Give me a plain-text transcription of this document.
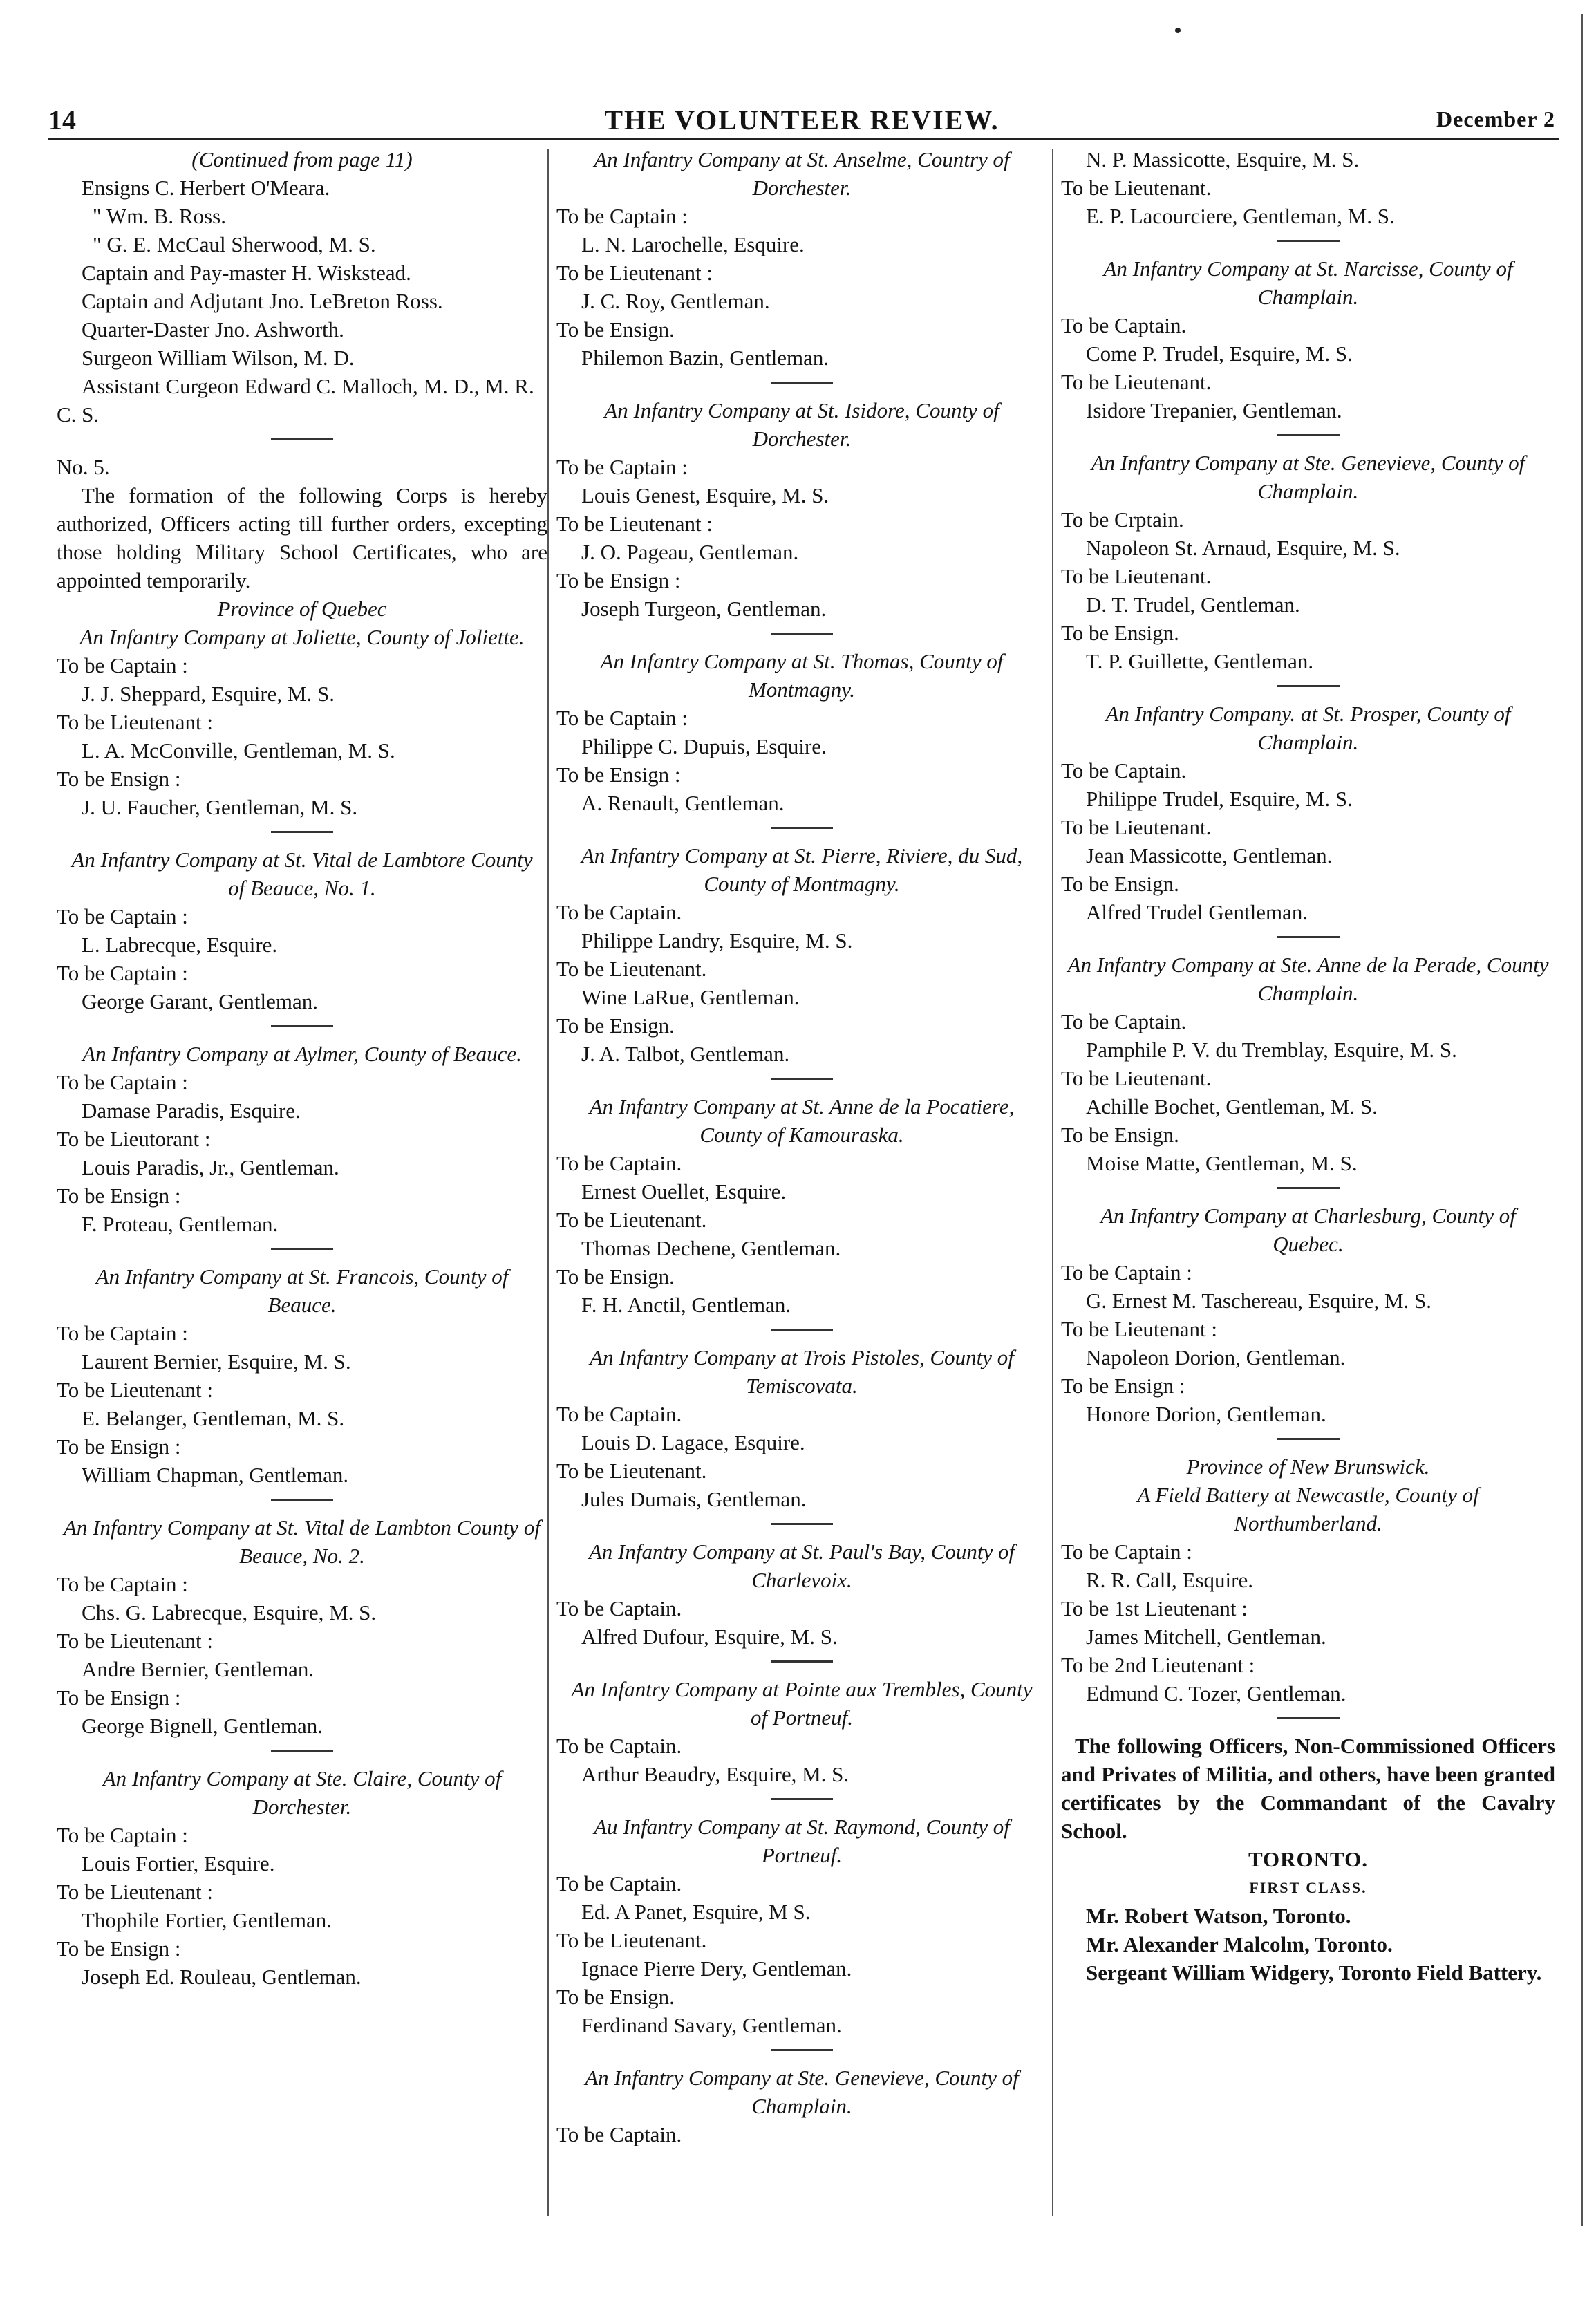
14	THE VOLUNTEER REVIEW.	December 2

(Continued from page 11)

Ensigns C. Herbert O'Meara.

" Wm. B. Ross.

" G. E. McCaul Sherwood, M. S.

Captain and Pay-master H. Wiskstead.

Captain and Adjutant Jno. LeBreton Ross.

Quarter-Daster Jno. Ashworth.

Surgeon William Wilson, M. D.

Assistant Curgeon Edward C. Malloch, M. D., M. R. C. S.

No. 5.

The formation of the following Corps is hereby authorized, Officers acting till further orders, excepting those holding Military School Certificates, who are appointed temporarily.

Province of Quebec

An Infantry Company at Joliette, County of Joliette.

To be Captain :

J. J. Sheppard, Esquire, M. S.

To be Lieutenant :

L. A. McConville, Gentleman, M. S.

To be Ensign :

J. U. Faucher, Gentleman, M. S.

An Infantry Company at St. Vital de Lambtore County of Beauce, No. 1.

To be Captain :

L. Labrecque, Esquire.

To be Captain :

George Garant, Gentleman.

An Infantry Company at Aylmer, County of Beauce.

To be Captain :

Damase Paradis, Esquire.

To be Lieutorant :

Louis Paradis, Jr., Gentleman.

To be Ensign :

F. Proteau, Gentleman.

An Infantry Company at St. Francois, County of Beauce.

To be Captain :

Laurent Bernier, Esquire, M. S.

To be Lieutenant :

E. Belanger, Gentleman, M. S.

To be Ensign :

William Chapman, Gentleman.

An Infantry Company at St. Vital de Lambton County of Beauce, No. 2.

To be Captain :

Chs. G. Labrecque, Esquire, M. S.

To be Lieutenant :

Andre Bernier, Gentleman.

To be Ensign :

George Bignell, Gentleman.

An Infantry Company at Ste. Claire, County of Dorchester.

To be Captain :

Louis Fortier, Esquire.

To be Lieutenant :

Thophile Fortier, Gentleman.

To be Ensign :

Joseph Ed. Rouleau, Gentleman.

An Infantry Company at St. Anselme, Country of Dorchester.

To be Captain :

L. N. Larochelle, Esquire.

To be Lieutenant :

J. C. Roy, Gentleman.

To be Ensign.

Philemon Bazin, Gentleman.

An Infantry Company at St. Isidore, County of Dorchester.

To be Captain :

Louis Genest, Esquire, M. S.

To be Lieutenant :

J. O. Pageau, Gentleman.

To be Ensign :

Joseph Turgeon, Gentleman.

An Infantry Company at St. Thomas, County of Montmagny.

To be Captain :

Philippe C. Dupuis, Esquire.

To be Ensign :

A. Renault, Gentleman.

An Infantry Company at St. Pierre, Riviere, du Sud, County of Montmagny.

To be Captain.

Philippe Landry, Esquire, M. S.

To be Lieutenant.

Wine LaRue, Gentleman.

To be Ensign.

J. A. Talbot, Gentleman.

An Infantry Company at St. Anne de la Pocatiere, County of Kamouraska.

To be Captain.

Ernest Ouellet, Esquire.

To be Lieutenant.

Thomas Dechene, Gentleman.

To be Ensign.

F. H. Anctil, Gentleman.

An Infantry Company at Trois Pistoles, County of Temiscovata.

To be Captain.

Louis D. Lagace, Esquire.

To be Lieutenant.

Jules Dumais, Gentleman.

An Infantry Company at St. Paul's Bay, County of Charlevoix.

To be Captain.

Alfred Dufour, Esquire, M. S.

An Infantry Company at Pointe aux Trembles, County of Portneuf.

To be Captain.

Arthur Beaudry, Esquire, M. S.

Au Infantry Company at St. Raymond, County of Portneuf.

To be Captain.

Ed. A Panet, Esquire, M S.

To be Lieutenant.

Ignace Pierre Dery, Gentleman.

To be Ensign.

Ferdinand Savary, Gentleman.

An Infantry Company at Ste. Genevieve, County of Champlain.

To be Captain.

N. P. Massicotte, Esquire, M. S.

To be Lieutenant.

E. P. Lacourciere, Gentleman, M. S.

An Infantry Company at St. Narcisse, County of Champlain.

To be Captain.

Come P. Trudel, Esquire, M. S.

To be Lieutenant.

Isidore Trepanier, Gentleman.

An Infantry Company at Ste. Genevieve, County of Champlain.

To be Crptain.

Napoleon St. Arnaud, Esquire, M. S.

To be Lieutenant.

D. T. Trudel, Gentleman.

To be Ensign.

T. P. Guillette, Gentleman.

An Infantry Company. at St. Prosper, County of Champlain.

To be Captain.

Philippe Trudel, Esquire, M. S.

To be Lieutenant.

Jean Massicotte, Gentleman.

To be Ensign.

Alfred Trudel Gentleman.

An Infantry Company at Ste. Anne de la Perade, County Champlain.

To be Captain.

Pamphile P. V. du Tremblay, Esquire, M. S.

To be Lieutenant.

Achille Bochet, Gentleman, M. S.

To be Ensign.

Moise Matte, Gentleman, M. S.

An Infantry Company at Charlesburg, County of Quebec.

To be Captain :

G. Ernest M. Taschereau, Esquire, M. S.

To be Lieutenant :

Napoleon Dorion, Gentleman.

To be Ensign :

Honore Dorion, Gentleman.

Province of New Brunswick.

A Field Battery at Newcastle, County of Northumberland.

To be Captain :

R. R. Call, Esquire.

To be 1st Lieutenant :

James Mitchell, Gentleman.

To be 2nd Lieutenant :

Edmund C. Tozer, Gentleman.

The following Officers, Non-Commissioned Officers and Privates of Militia, and others, have been granted certificates by the Commandant of the Cavalry School.

TORONTO.

FIRST CLASS.

Mr. Robert Watson, Toronto.

Mr. Alexander Malcolm, Toronto.

Sergeant William Widgery, Toronto Field Battery.
